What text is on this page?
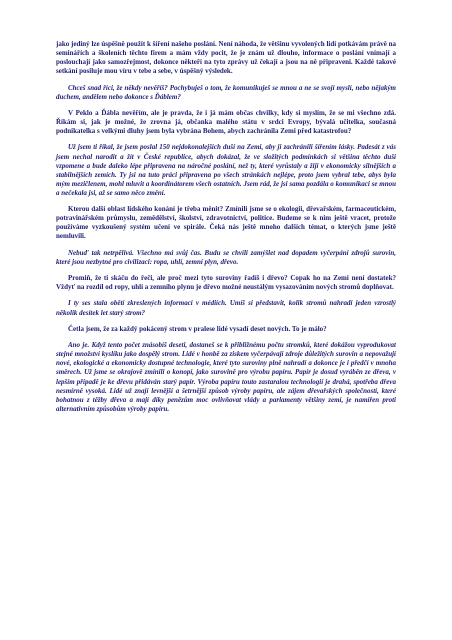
jako jediný lze úspěšně použít k šíření našeho poslání. Není náhoda, že většinu vyvolených lidí potkávám právě na seminářích a školeních těchto firem a mám vždy pocit, že je znám už dlouho, informace o poslání vnímají a poslouchají jako samozřejmost, dokonce někteří na tyto zprávy už čekají a jsou na ně připraveni. Každé takové setkání posiluje mou víru v tebe a sebe, v úspěšný výsledek.

Chceš snad říci, že někdy nevěříš? Pochybuješ o tom, že komunikuješ se mnou a ne se svojí myslí, nebo nějakým duchem, andělem nebo dokonce s Ďáblem?

V Peklo a Ďábla nevěřím, ale je pravda, že i já mám občas chvilky, kdy si myslím, že se mi všechno zdá. Říkám si, jak je možné, že zrovna já, občanka malého státu v srdci Evropy, bývalá učitelka, současná podnikatelka s velkými dluhy jsem byla vybrána Bohem, abych zachránila Zemi před katastrofou?

Už jsem ti říkal, že jsem poslal 150 nejdokonalejších duší na Zemi, aby ji zachránili šířením lásky. Padesát z vás jsem nechal narodit a žít v České republice, abych dokázal, že ve složitých podmínkách si většina těchto duší vzpomene a bude daleko lépe připravena na náročné poslání, než ty, které vyrůstaly a žijí v ekonomicky silnějších a stabilnějších zemích. Ty jsi na tuto práci připravena po všech stránkách nejlépe, proto jsem vybral tebe, abys byla mým mezičlenem, mohl mluvit a koordinátorem všech ostatních. Jsem rád, že jsi sama pozdála o komunikaci se mnou a nečekala jsi, až se samo něco změní.

Kterou další oblast lidského konání je třeba měnit? Zmínili jsme se o ekologii, dřevařském, farmaceutickém, potravinářském průmyslu, zemědělství, školství, zdravotnictví, politice. Budeme se k nim ještě vracet, protože používáme vyzkoušený systém učení ve spirále. Čeká nás ještě mnoho dalších témat, o kterých jsme ještě nemluvili.

Nebuď tak netrpělivá. Všechno má svůj čas. Budu se chvíli zamýšlet nad dopadem vyčerpání zdrojů surovin, které jsou nezbytné pro civilizaci: ropa, uhlí, zemní plyn, dřevo.

Promiň, že ti skáču do řeči, ale proč mezi tyto suroviny řadíš i dřevo? Copak ho na Zemi není dostatek? Vždyť na rozdíl od ropy, uhlí a zemního plynu je dřevo možné neustálým vysazováním nových stromů doplňovat.

I ty ses stala obětí zkreslených informací v médiích. Umíš si představit, kolik stromů nahradí jeden vzrostlý několik desítek let starý strom?

Četla jsem, že za každý pokácený strom v pralese lidé vysadí deset nových. To je málo?

Ano je. Když tento počet znásobíš deseti, dostaneš se k přibližnému počtu stromků, které dokážou vyprodukovat stejné množství kyslíku jako dospělý strom. Lidé v honbě za ziskem vyčerpávají zdroje důležitých surovin a nepovažují nové, ekologické a ekonomicky dostupné technologie, které tyto suroviny plně nahradí a dokonce je i předčí v mnoha směrech. Už jsme se okrajově zmínili o konopí, jako surovině pro výrobu papíru. Papír je dosud vyráběn ze dřeva, v lepším případě je ke dřevu přidáván starý papír. Výroba papíru touto zastaralou technologií je drahá, spotřeba dřeva nesmírně vysoká. Lidé už znají levnější a šetrnější způsob výroby papíru, ale zájem dřevařských společností, které bohatnou z těžby dřeva a mají díky penězům moc ovlivňovat vlády a parlamenty většiny zemí, je namířen proti alternativním způsobům výroby papíru.
